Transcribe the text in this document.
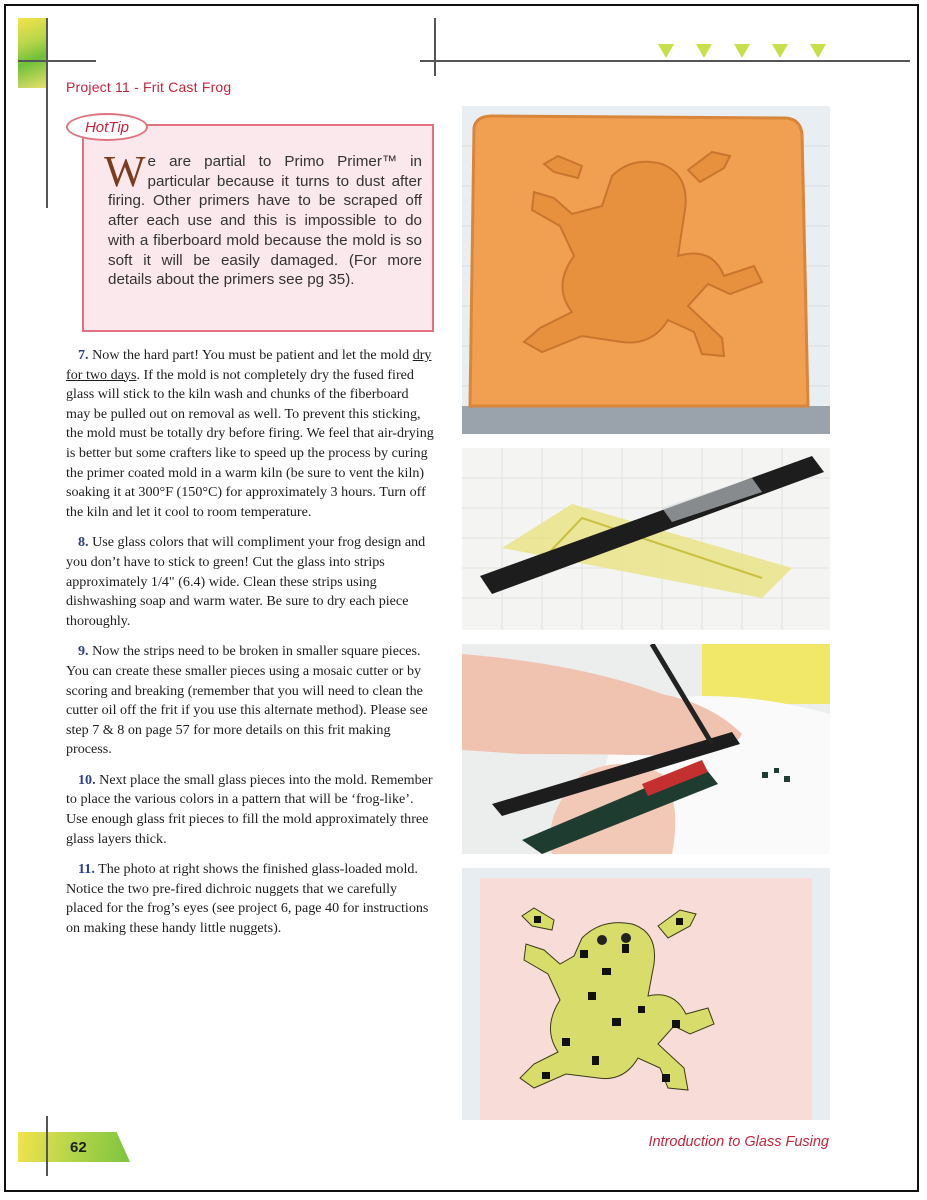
Project 11 - Frit Cast Frog
HotTip

We are partial to Primo Primer™ in particular because it turns to dust after firing. Other primers have to be scraped off after each use and this is impossible to do with a fiberboard mold because the mold is so soft it will be easily damaged. (For more details about the primers see pg 35).

7. Now the hard part! You must be patient and let the mold dry for two days. If the mold is not completely dry the fused fired glass will stick to the kiln wash and chunks of the fiberboard may be pulled out on removal as well. To prevent this sticking, the mold must be totally dry before firing. We feel that air-drying is better but some crafters like to speed up the process by curing the primer coated mold in a warm kiln (be sure to vent the kiln) soaking it at 300°F (150°C) for approximately 3 hours. Turn off the kiln and let it cool to room temperature.

8. Use glass colors that will compliment your frog design and you don’t have to stick to green! Cut the glass into strips approximately 1/4" (6.4) wide. Clean these strips using dishwashing soap and warm water. Be sure to dry each piece thoroughly.

9. Now the strips need to be broken in smaller square pieces. You can create these smaller pieces using a mosaic cutter or by scoring and breaking (remember that you will need to clean the cutter oil off the frit if you use this alternate method). Please see step 7 & 8 on page 57 for more details on this frit making process.

10. Next place the small glass pieces into the mold. Remember to place the various colors in a pattern that will be ‘frog-like’. Use enough glass frit pieces to fill the mold approximately three glass layers thick.

11. The photo at right shows the finished glass-loaded mold. Notice the two pre-fired dichroic nuggets that we carefully placed for the frog’s eyes (see project 6, page 40 for instructions on making these handy little nuggets).

62	Introduction to Glass Fusing
